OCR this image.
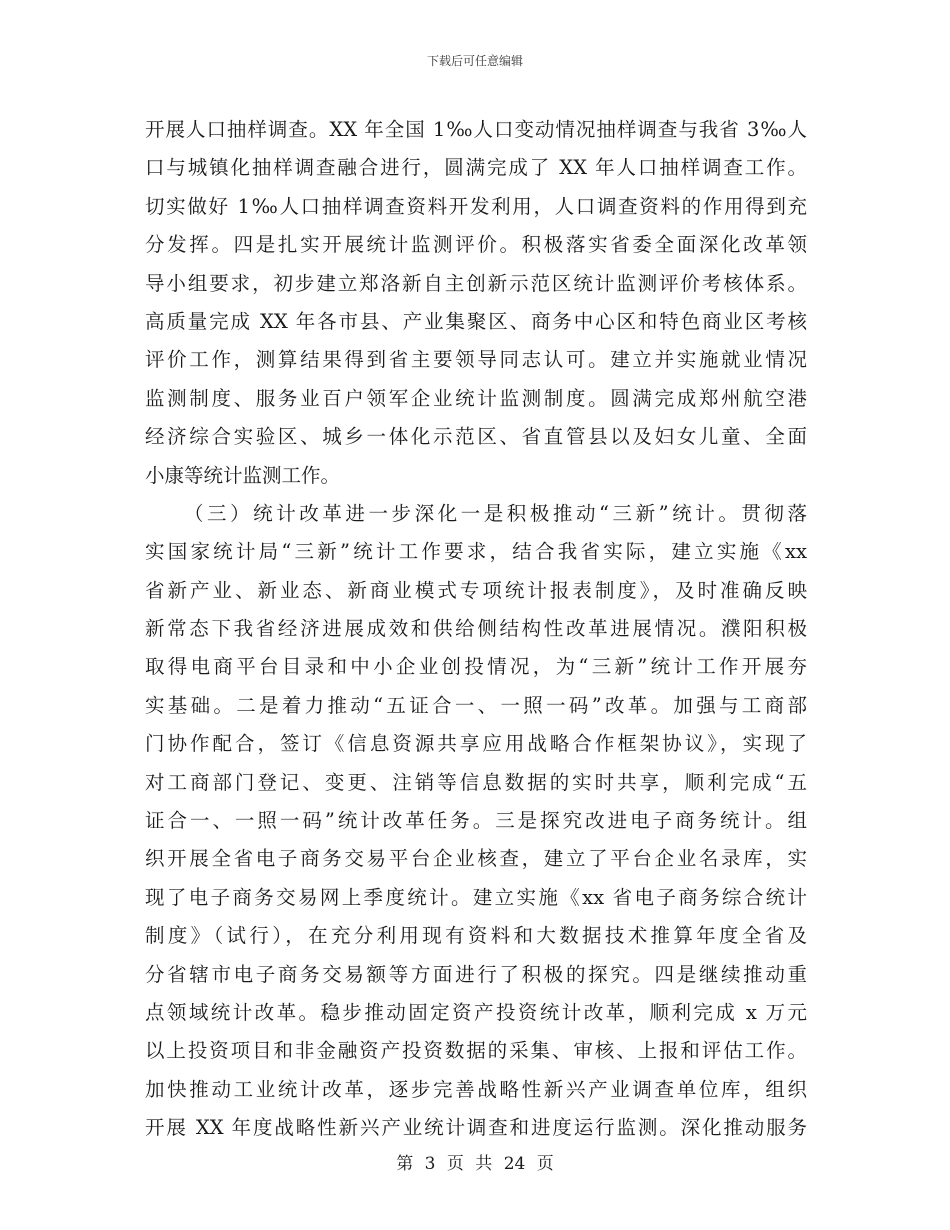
下载后可任意编辑
开展人口抽样调查。XX 年全国 1‰人口变动情况抽样调查与我省 3‰人
口与城镇化抽样调查融合进行，圆满完成了 XX 年人口抽样调查工作。
切实做好 1‰人口抽样调查资料开发利用，人口调查资料的作用得到充
分发挥。四是扎实开展统计监测评价。积极落实省委全面深化改革领
导小组要求，初步建立郑洛新自主创新示范区统计监测评价考核体系。
高质量完成 XX 年各市县、产业集聚区、商务中心区和特色商业区考核
评价工作，测算结果得到省主要领导同志认可。建立并实施就业情况
监测制度、服务业百户领军企业统计监测制度。圆满完成郑州航空港
经济综合实验区、城乡一体化示范区、省直管县以及妇女儿童、全面
小康等统计监测工作。
（三）统计改革进一步深化一是积极推动“三新”统计。贯彻落
实国家统计局“三新”统计工作要求，结合我省实际，建立实施《xx
省新产业、新业态、新商业模式专项统计报表制度》，及时准确反映
新常态下我省经济进展成效和供给侧结构性改革进展情况。濮阳积极
取得电商平台目录和中小企业创投情况，为“三新”统计工作开展夯
实基础。二是着力推动“五证合一、一照一码”改革。加强与工商部
门协作配合，签订《信息资源共享应用战略合作框架协议》，实现了
对工商部门登记、变更、注销等信息数据的实时共享，顺利完成“五
证合一、一照一码”统计改革任务。三是探究改进电子商务统计。组
织开展全省电子商务交易平台企业核查，建立了平台企业名录库，实
现了电子商务交易网上季度统计。建立实施《xx 省电子商务综合统计
制度》（试行），在充分利用现有资料和大数据技术推算年度全省及
分省辖市电子商务交易额等方面进行了积极的探究。四是继续推动重
点领域统计改革。稳步推动固定资产投资统计改革，顺利完成 x 万元
以上投资项目和非金融资产投资数据的采集、审核、上报和评估工作。
加快推动工业统计改革，逐步完善战略性新兴产业调查单位库，组织
开展 XX 年度战略性新兴产业统计调查和进度运行监测。深化推动服务
第 3 页 共 24 页
